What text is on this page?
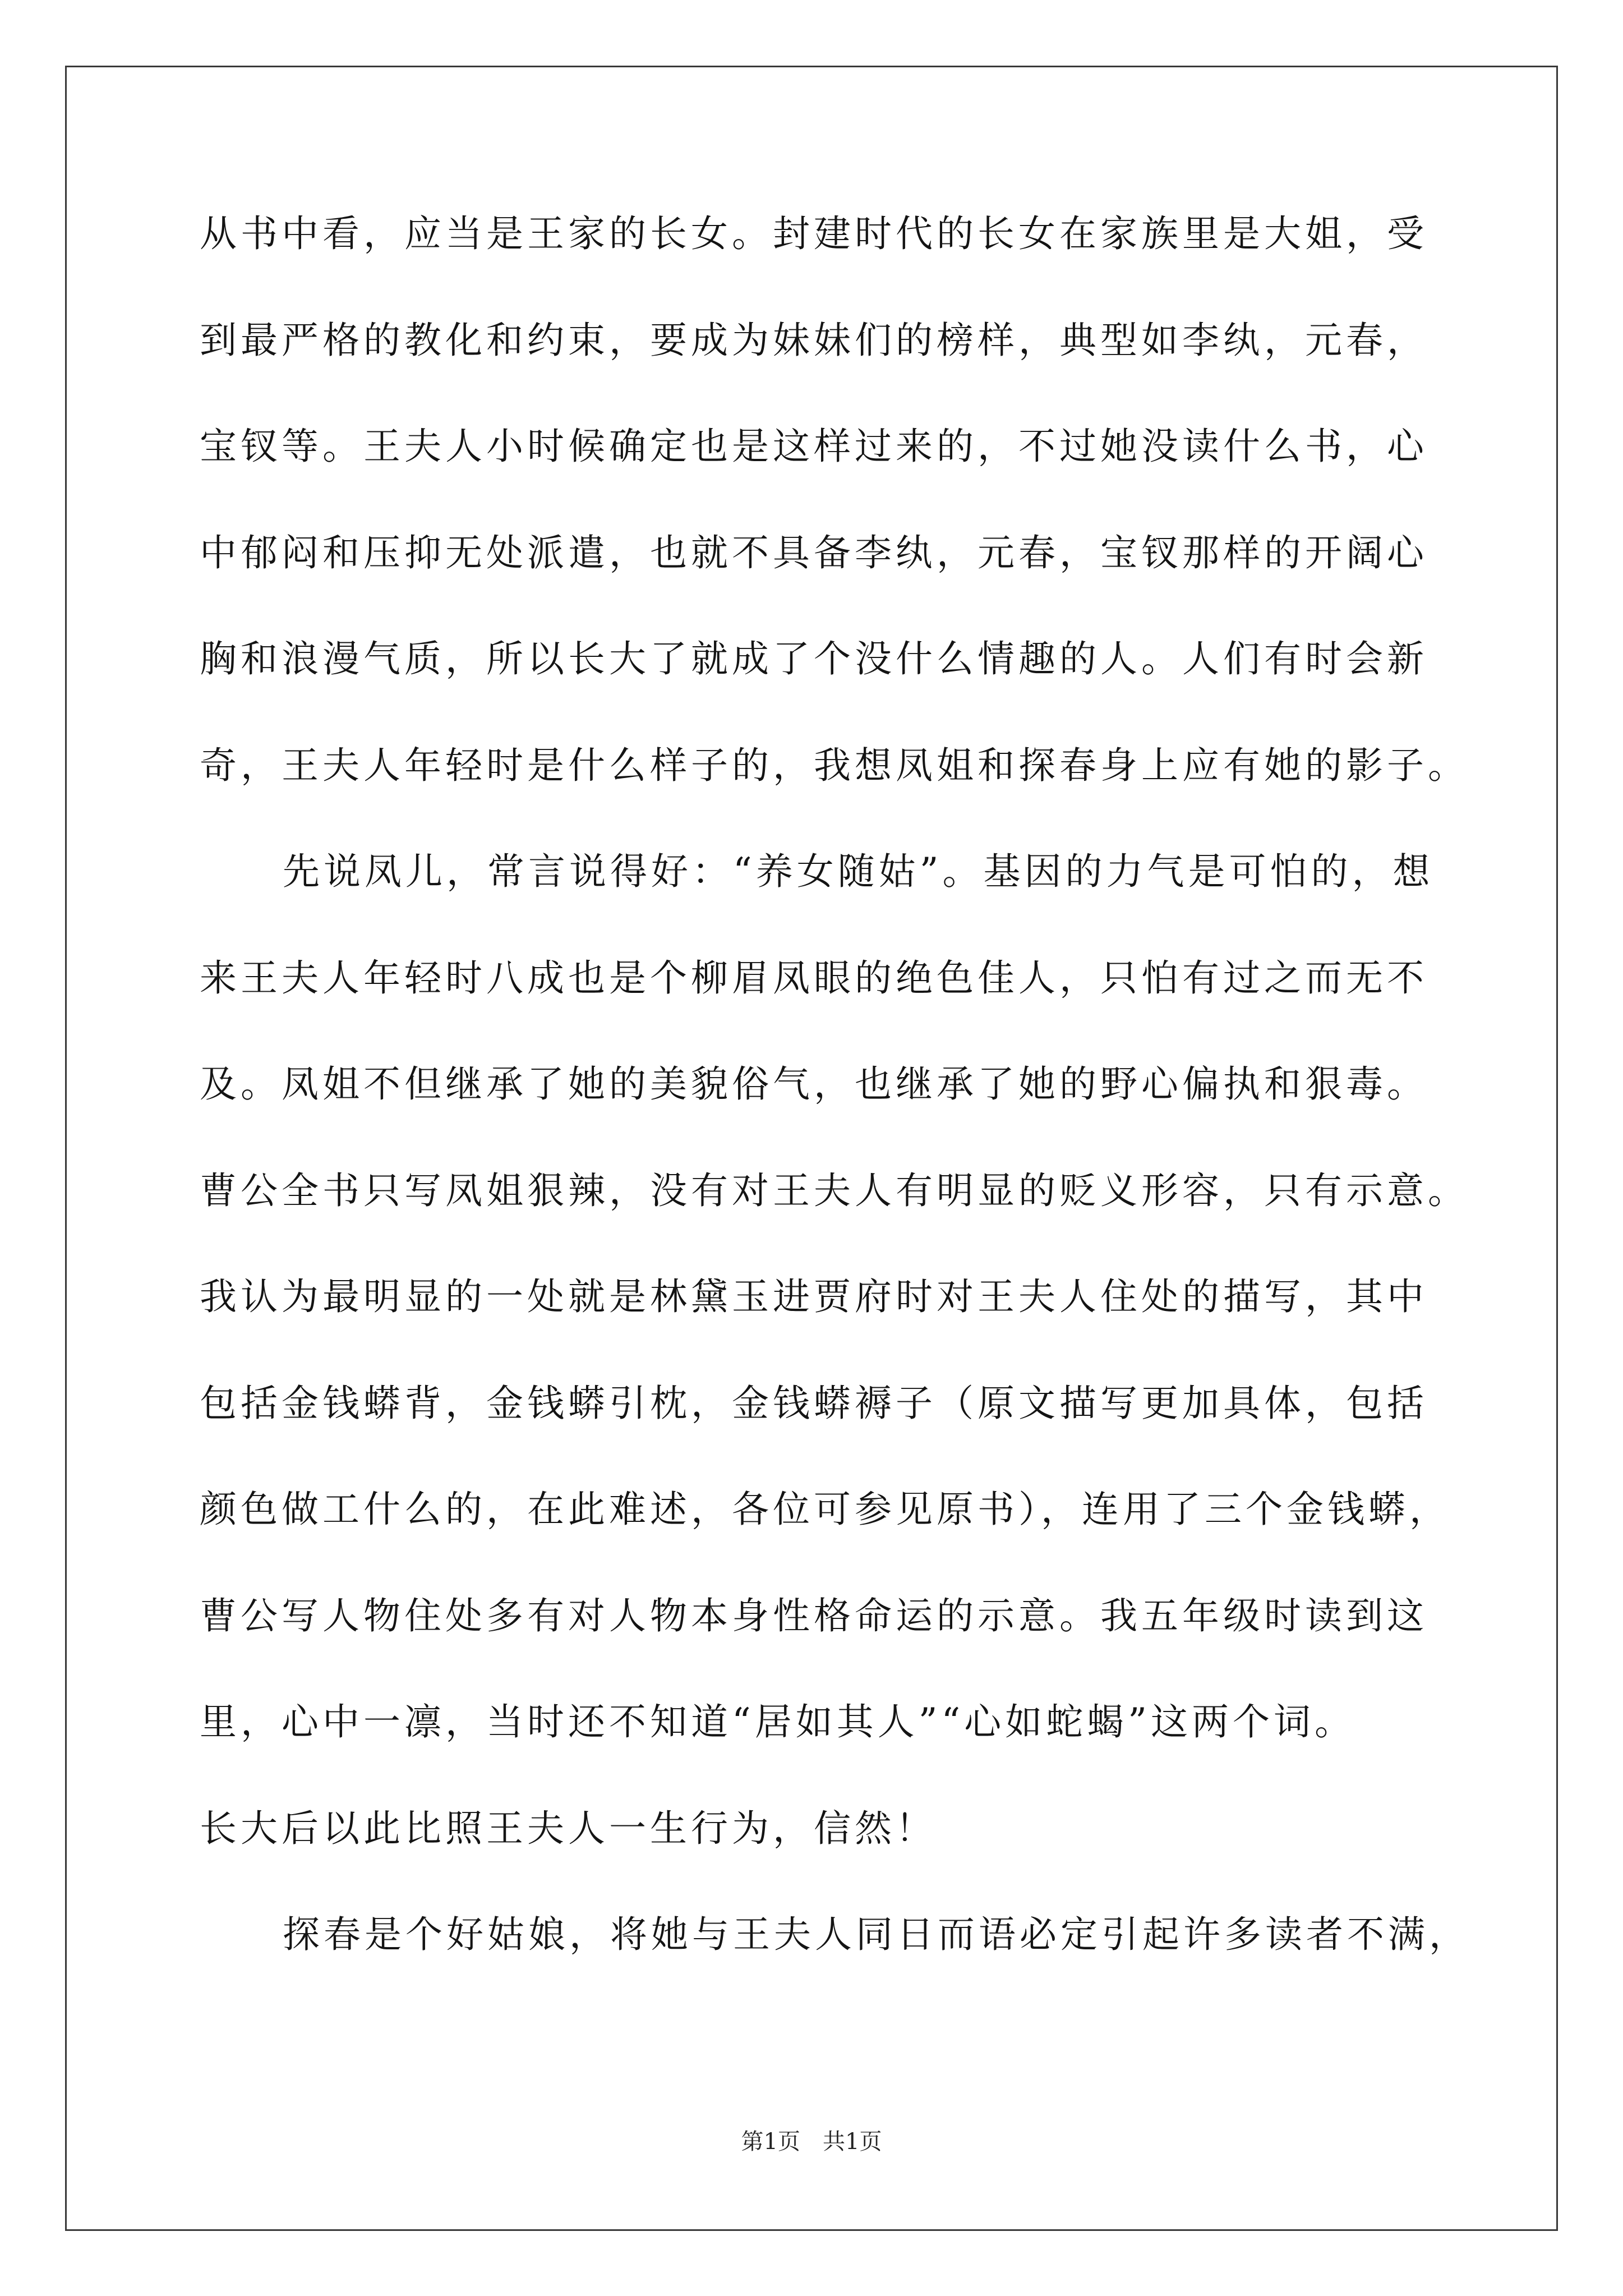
从书中看，应当是王家的长女。封建时代的长女在家族里是大姐，受
到最严格的教化和约束，要成为妹妹们的榜样，典型如李纨，元春，
宝钗等。王夫人小时候确定也是这样过来的，不过她没读什么书，心
中郁闷和压抑无处派遣，也就不具备李纨，元春，宝钗那样的开阔心
胸和浪漫气质，所以长大了就成了个没什么情趣的人。人们有时会新
奇，王夫人年轻时是什么样子的，我想凤姐和探春身上应有她的影子。
先说凤儿，常言说得好：“养女随姑”。基因的力气是可怕的，想
来王夫人年轻时八成也是个柳眉凤眼的绝色佳人，只怕有过之而无不
及。凤姐不但继承了她的美貌俗气，也继承了她的野心偏执和狠毒。
曹公全书只写凤姐狠辣，没有对王夫人有明显的贬义形容，只有示意。
我认为最明显的一处就是林黛玉进贾府时对王夫人住处的描写，其中
包括金钱蟒背，金钱蟒引枕，金钱蟒褥子（原文描写更加具体，包括
颜色做工什么的，在此难述，各位可参见原书），连用了三个金钱蟒，
曹公写人物住处多有对人物本身性格命运的示意。我五年级时读到这
里，心中一凛，当时还不知道“居如其人”“心如蛇蝎”这两个词。
长大后以此比照王夫人一生行为，信然！
探春是个好姑娘，将她与王夫人同日而语必定引起许多读者不满，
第1页　共1页
